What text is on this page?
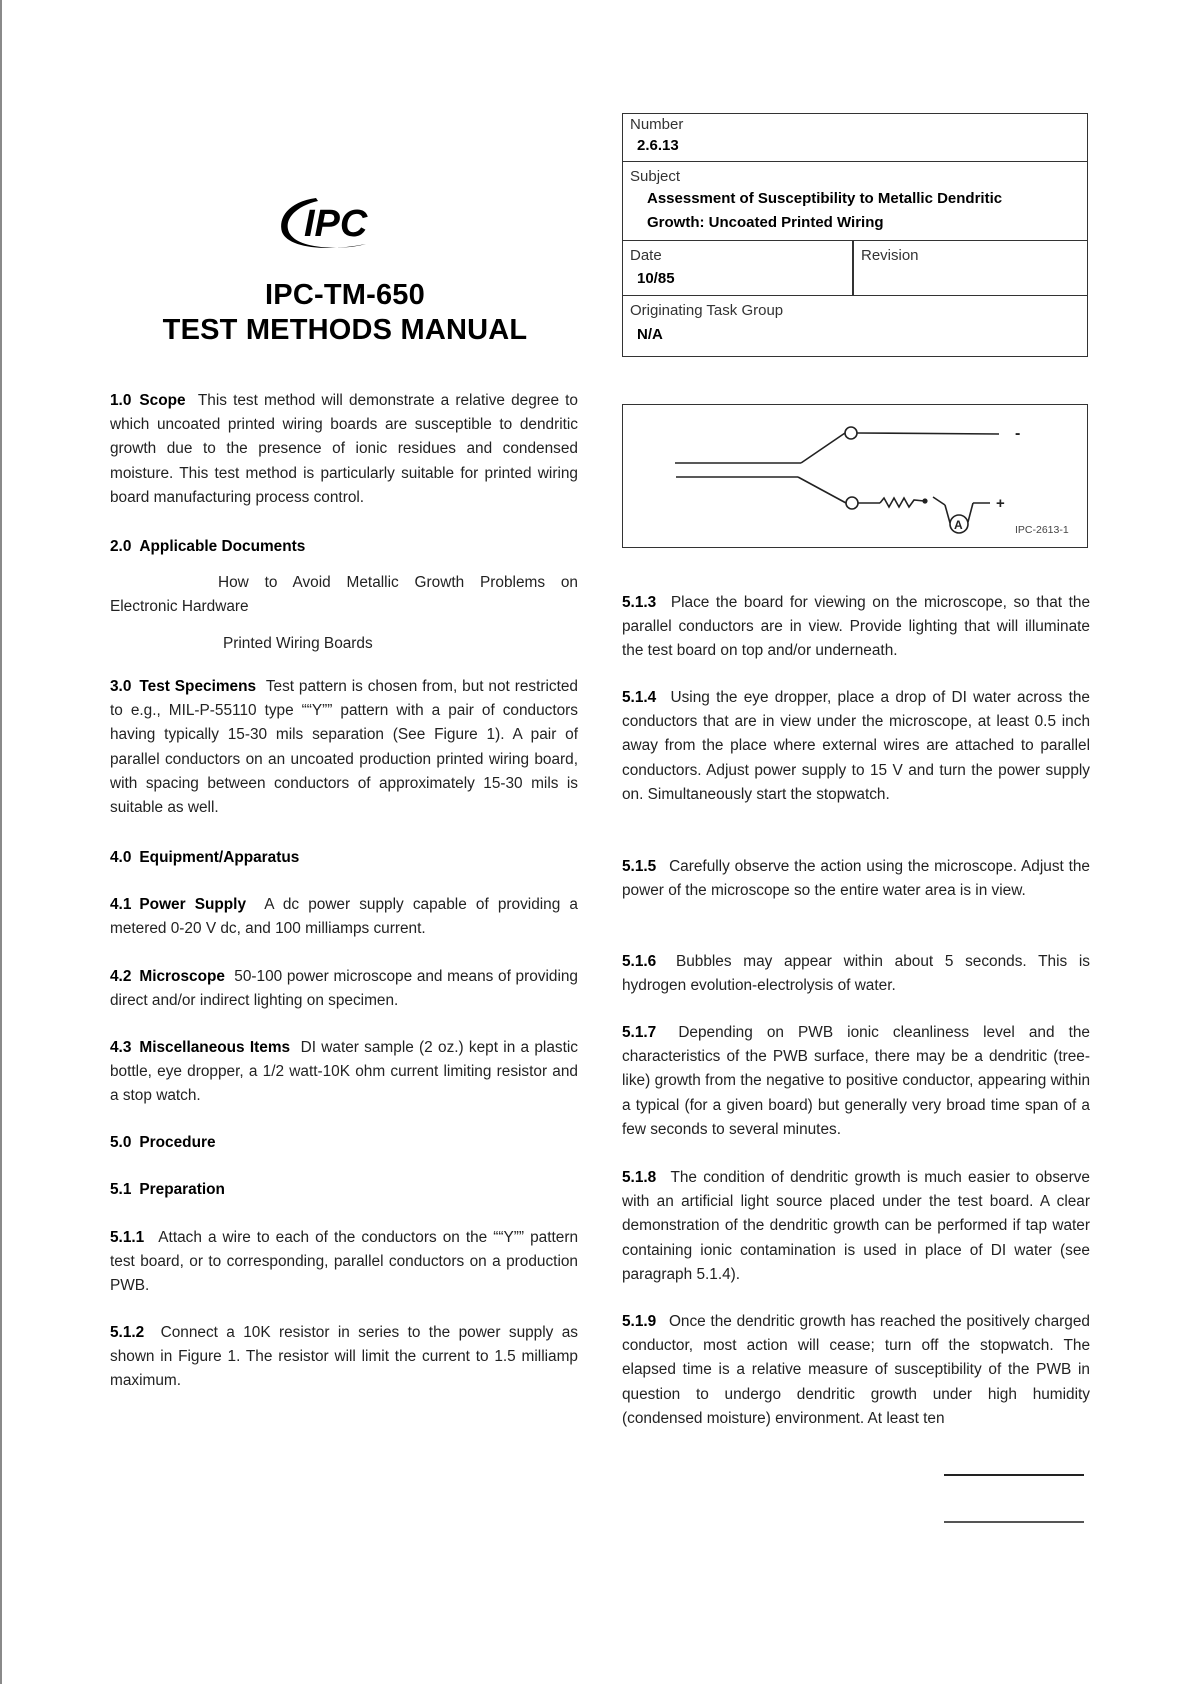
IPC
IPC-TM-650
TEST METHODS MANUAL
Number
2.6.13
Subject
Assessment of Susceptibility to Metallic Dendritic
Growth: Uncoated Printed Wiring
Date
10/85
Revision
Originating Task Group
N/A
-
+
A	IPC-2613-1

1.0 Scope This test method will demonstrate a relative degree to which uncoated printed wiring boards are susceptible to dendritic growth due to the presence of ionic residues and condensed moisture. This test method is particularly suitable for printed wiring board manufacturing process control.

2.0 Applicable Documents

How to Avoid Metallic Growth Problems on

Electronic Hardware

Printed Wiring Boards

3.0 Test Specimens Test pattern is chosen from, but not restricted to e.g., MIL-P-55110 type ““Y”” pattern with a pair of conductors having typically 15-30 mils separation (See Figure 1). A pair of parallel conductors on an uncoated production printed wiring board, with spacing between conductors of approximately 15-30 mils is suitable as well.

4.0 Equipment/Apparatus

4.1 Power Supply A dc power supply capable of providing a metered 0-20 V dc, and 100 milliamps current.

4.2 Microscope 50-100 power microscope and means of providing direct and/or indirect lighting on specimen.

4.3 Miscellaneous Items DI water sample (2 oz.) kept in a plastic bottle, eye dropper, a 1/2 watt-10K ohm current limiting resistor and a stop watch.

5.0 Procedure

5.1 Preparation

5.1.1 Attach a wire to each of the conductors on the ““Y”” pattern test board, or to corresponding, parallel conductors on a production PWB.

5.1.2 Connect a 10K resistor in series to the power supply as shown in Figure 1. The resistor will limit the current to 1.5 milliamp maximum.

5.1.3 Place the board for viewing on the microscope, so that the parallel conductors are in view. Provide lighting that will illuminate the test board on top and/or underneath.

5.1.4 Using the eye dropper, place a drop of DI water across the conductors that are in view under the microscope, at least 0.5 inch away from the place where external wires are attached to parallel conductors. Adjust power supply to 15 V and turn the power supply on. Simultaneously start the stopwatch.

5.1.5 Carefully observe the action using the microscope. Adjust the power of the microscope so the entire water area is in view.

5.1.6 Bubbles may appear within about 5 seconds. This is hydrogen evolution-electrolysis of water.

5.1.7 Depending on PWB ionic cleanliness level and the characteristics of the PWB surface, there may be a dendritic (tree-like) growth from the negative to positive conductor, appearing within a typical (for a given board) but generally very broad time span of a few seconds to several minutes.

5.1.8 The condition of dendritic growth is much easier to observe with an artificial light source placed under the test board. A clear demonstration of the dendritic growth can be performed if tap water containing ionic contamination is used in place of DI water (see paragraph 5.1.4).

5.1.9 Once the dendritic growth has reached the positively charged conductor, most action will cease; turn off the stopwatch. The elapsed time is a relative measure of susceptibility of the PWB in question to undergo dendritic growth under high humidity (condensed moisture) environment. At least ten
